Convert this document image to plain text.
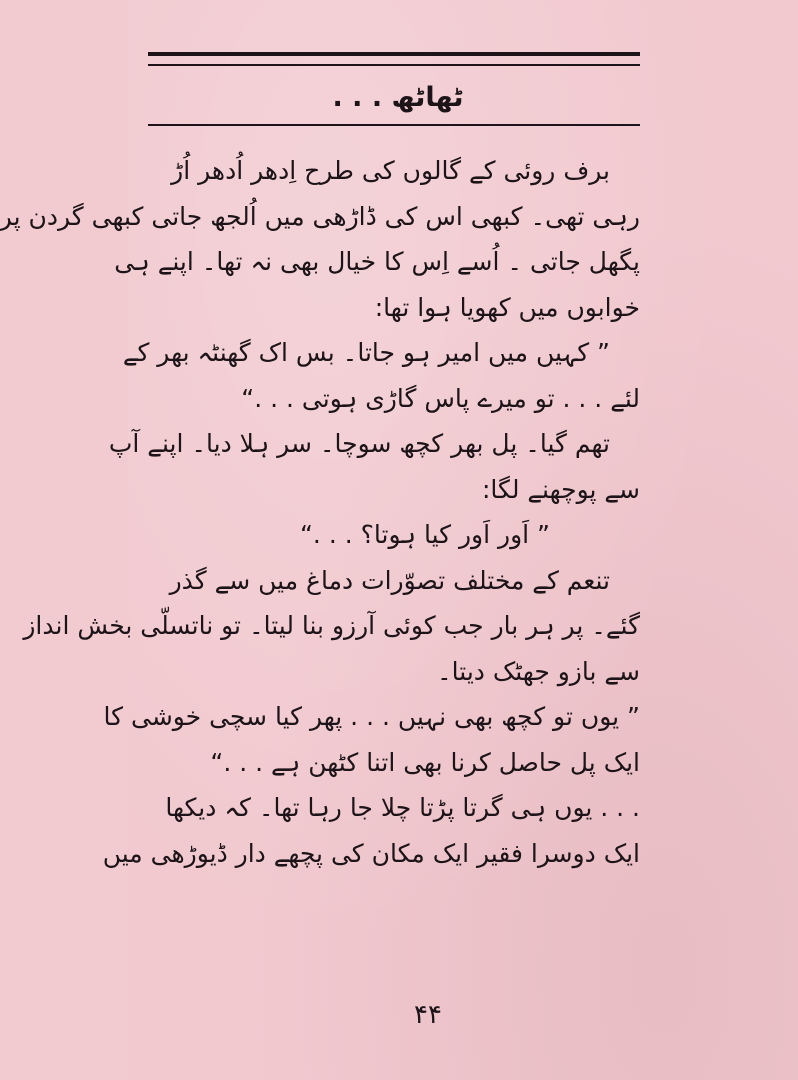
ٹھاٹھ . . .
برف روئی کے گالوں کی طرح اِدھر اُدھر اُڑ
رہی تھی۔ کبھی اس کی ڈاڑھی میں اُلجھ جاتی کبھی گردن پر
پگھل جاتی ۔ اُسے اِس کا خیال بھی نہ تھا۔ اپنے ہی
خوابوں میں کھویا ہوا تھا:
” کہیں میں امیر ہو جاتا۔ بس اک گھنٹہ بھر کے
لئے . . . تو میرے پاس گاڑی ہوتی . . .“
تھم گیا۔ پل بھر کچھ سوچا۔ سر ہلا دیا۔ اپنے آپ
سے پوچھنے لگا:
” اَور اَور کیا ہوتا؟ . . .“
تنعم کے مختلف تصوّرات دماغ میں سے گذر
گئے۔ پر ہر بار جب کوئی آرزو بنا لیتا۔ تو ناتسلّی بخش انداز
سے بازو جھٹک دیتا۔
” یوں تو کچھ بھی نہیں . . . پھر کیا سچی خوشی کا
ایک پل حاصل کرنا بھی اتنا کٹھن ہے . . .“
. . . یوں ہی گرتا پڑتا چلا جا رہا تھا۔ کہ دیکھا
ایک دوسرا فقیر ایک مکان کی پچھے دار ڈیوڑھی میں
۴۴
